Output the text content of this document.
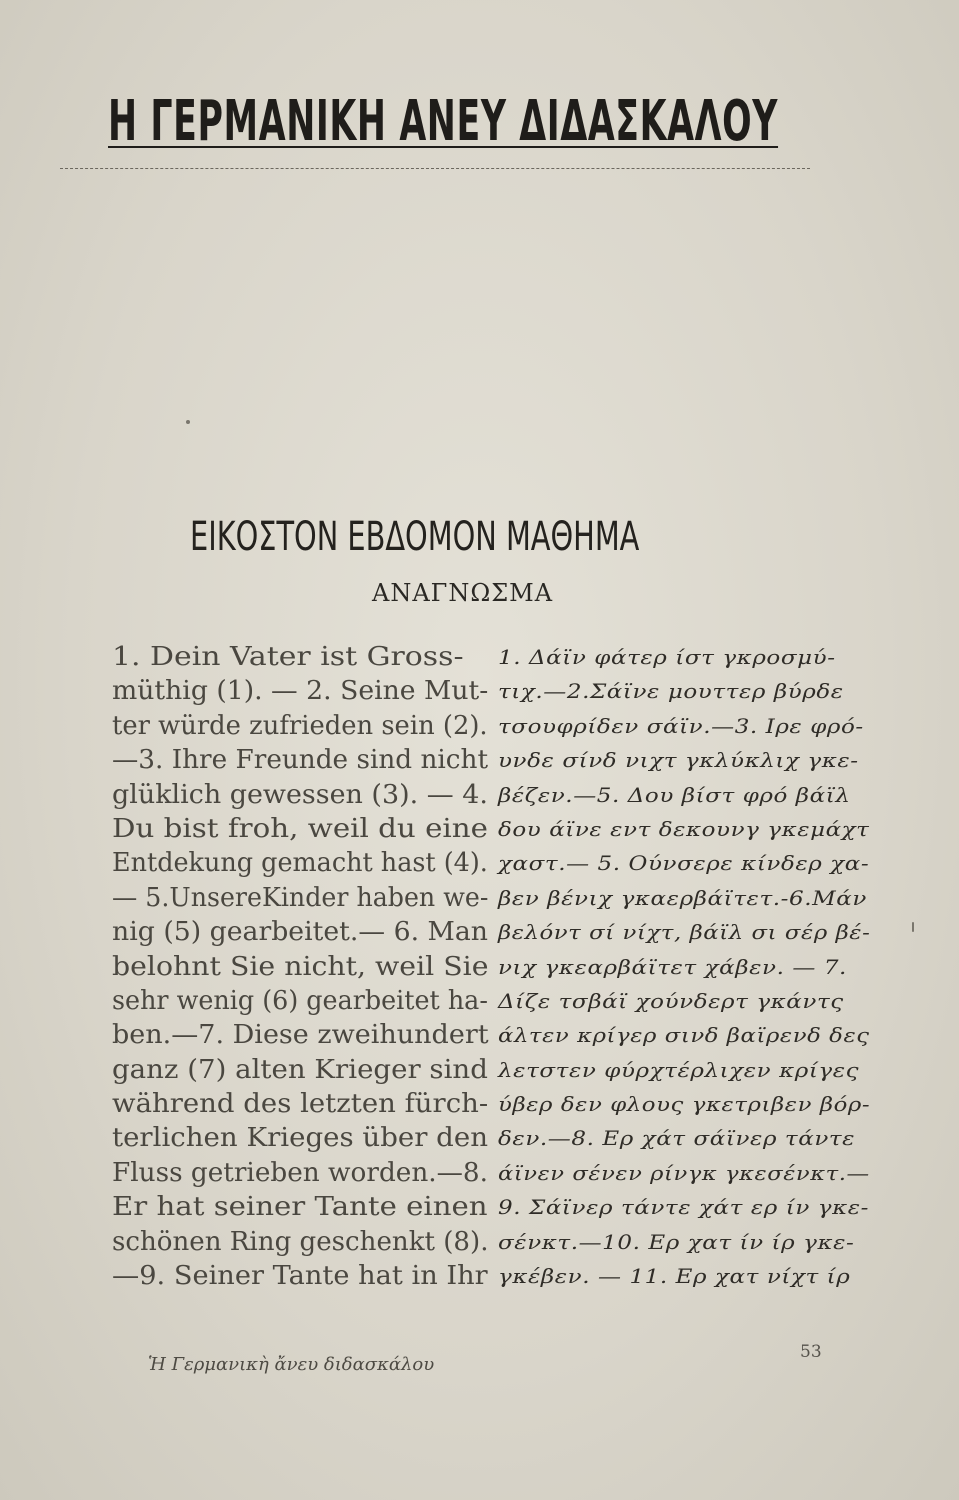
Η ΓΕΡΜΑΝΙΚΗ ΑΝΕΥ ΔΙΔΑΣΚΑΛΟΥ
ΕΙΚΟΣΤΟΝ ΕΒΔΟΜΟΝ ΜΑΘΗΜΑ
ΑΝΑΓΝΩΣΜΑ
1. Dein Vater ist Gross-
müthig (1). — 2. Seine Mut-
ter würde zufrieden sein (2).
—3. Ihre Freunde sind nicht
glüklich gewessen (3). — 4.
Du bist froh, weil du eine
Entdekung gemacht hast (4).
— 5.UnsereKinder haben we-
nig (5) gearbeitet.— 6. Man
belohnt Sie nicht, weil Sie
sehr wenig (6) gearbeitet ha-
ben.—7. Diese zweihundert
ganz (7) alten Krieger sind
während des letzten fürch-
terlichen Krieges über den
Fluss getrieben worden.—8.
Er hat seiner Tante einen
schönen Ring geschenkt (8).
—9. Seiner Tante hat in Ihr
1. Δάϊν φάτερ ίστ γκροσμύ-
τιχ.—2.Σάϊνε μουττερ βύρδε
τσουφρίδεν σάϊν.—3. Ιρε φρό-
υνδε σίνδ νιχτ γκλύκλιχ γκε-
βέζεν.—5. Δου βίστ φρό βάϊλ
δου άϊνε εντ δεκουνγ γκεμάχτ
χαστ.— 5. Ούνσερε κίνδερ χα-
βεν βένιχ γκαερβάϊτετ.-6.Μάν
βελόντ σί νίχτ, βάϊλ σι σέρ βέ-
νιχ γκεαρβάϊτετ χάβεν. — 7.
Δίζε τσβάϊ χούνδερτ γκάντς
άλτεν κρίγερ σινδ βαϊρενδ δες
λετστεν φύρχτέρλιχεν κρίγες
ύβερ δεν φλους γκετριβεν βόρ-
δεν.—8. Ερ χάτ σάϊνερ τάντε
άϊνεν σένεν ρίνγκ γκεσένκτ.—
9. Σάϊνερ τάντε χάτ ερ ίν γκε-
σένκτ.—10. Ερ χατ ίν ίρ γκε-
γκέβεν. — 11. Ερ χατ νίχτ ίρ
Ἡ Γερμανικὴ ἄνευ διδασκάλου
53
